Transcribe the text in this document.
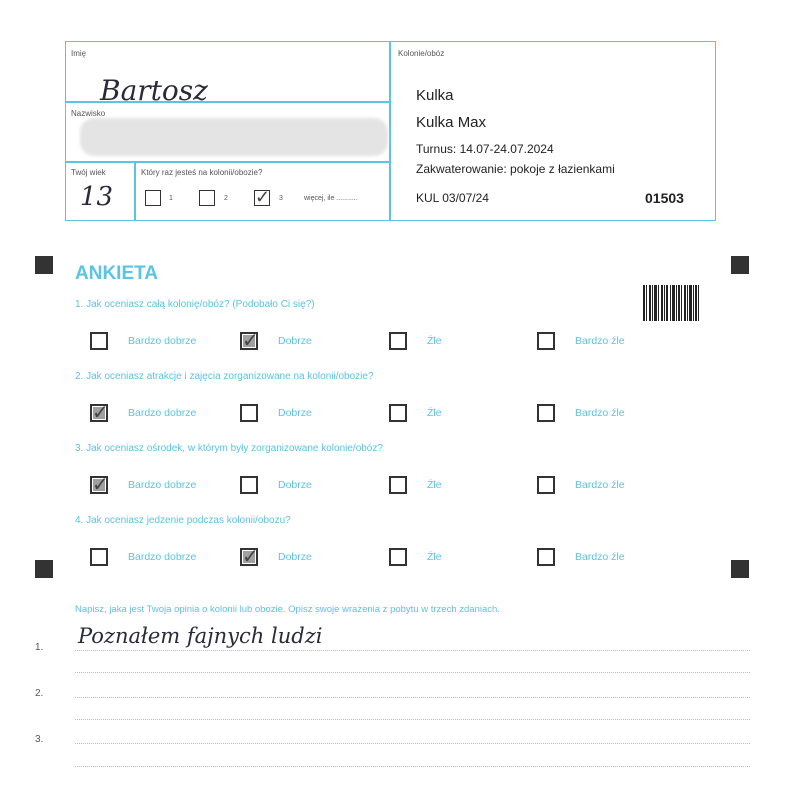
Imię
Bartosz
Nazwisko
Twój wiek
13
Który raz jesteś na kolonii/obozie?
1	2 ✓ 3	więcej, ile ...........
Kolonie/obóz
Kulka
Kulka Max
Turnus: 14.07-24.07.2024
Zakwaterowanie: pokoje z łazienkami
KUL 03/07/24	01503
ANKIETA
1. Jak oceniasz całą kolonię/obóz? (Podobało Ci się?)
Bardzo dobrze ✓ Dobrze	Źle	Bardzo źle
2. Jak oceniasz atrakcje i zajęcia zorganizowane na kolonii/obozie?
✓ Bardzo dobrze	Dobrze	Źle	Bardzo źle
3. Jak oceniasz ośrodek, w którym były zorganizowane kolonie/obóz?
✓ Bardzo dobrze	Dobrze	Źle	Bardzo źle
4. Jak oceniasz jedzenie podczas kolonii/obozu?
Bardzo dobrze ✓ Dobrze	Źle	Bardzo źle
Napisz, jaka jest Twoja opinia o kolonii lub obozie. Opisz swoje wrażenia z pobytu w trzech zdaniach.
1. Poznałem fajnych ludzi
2.
3.
